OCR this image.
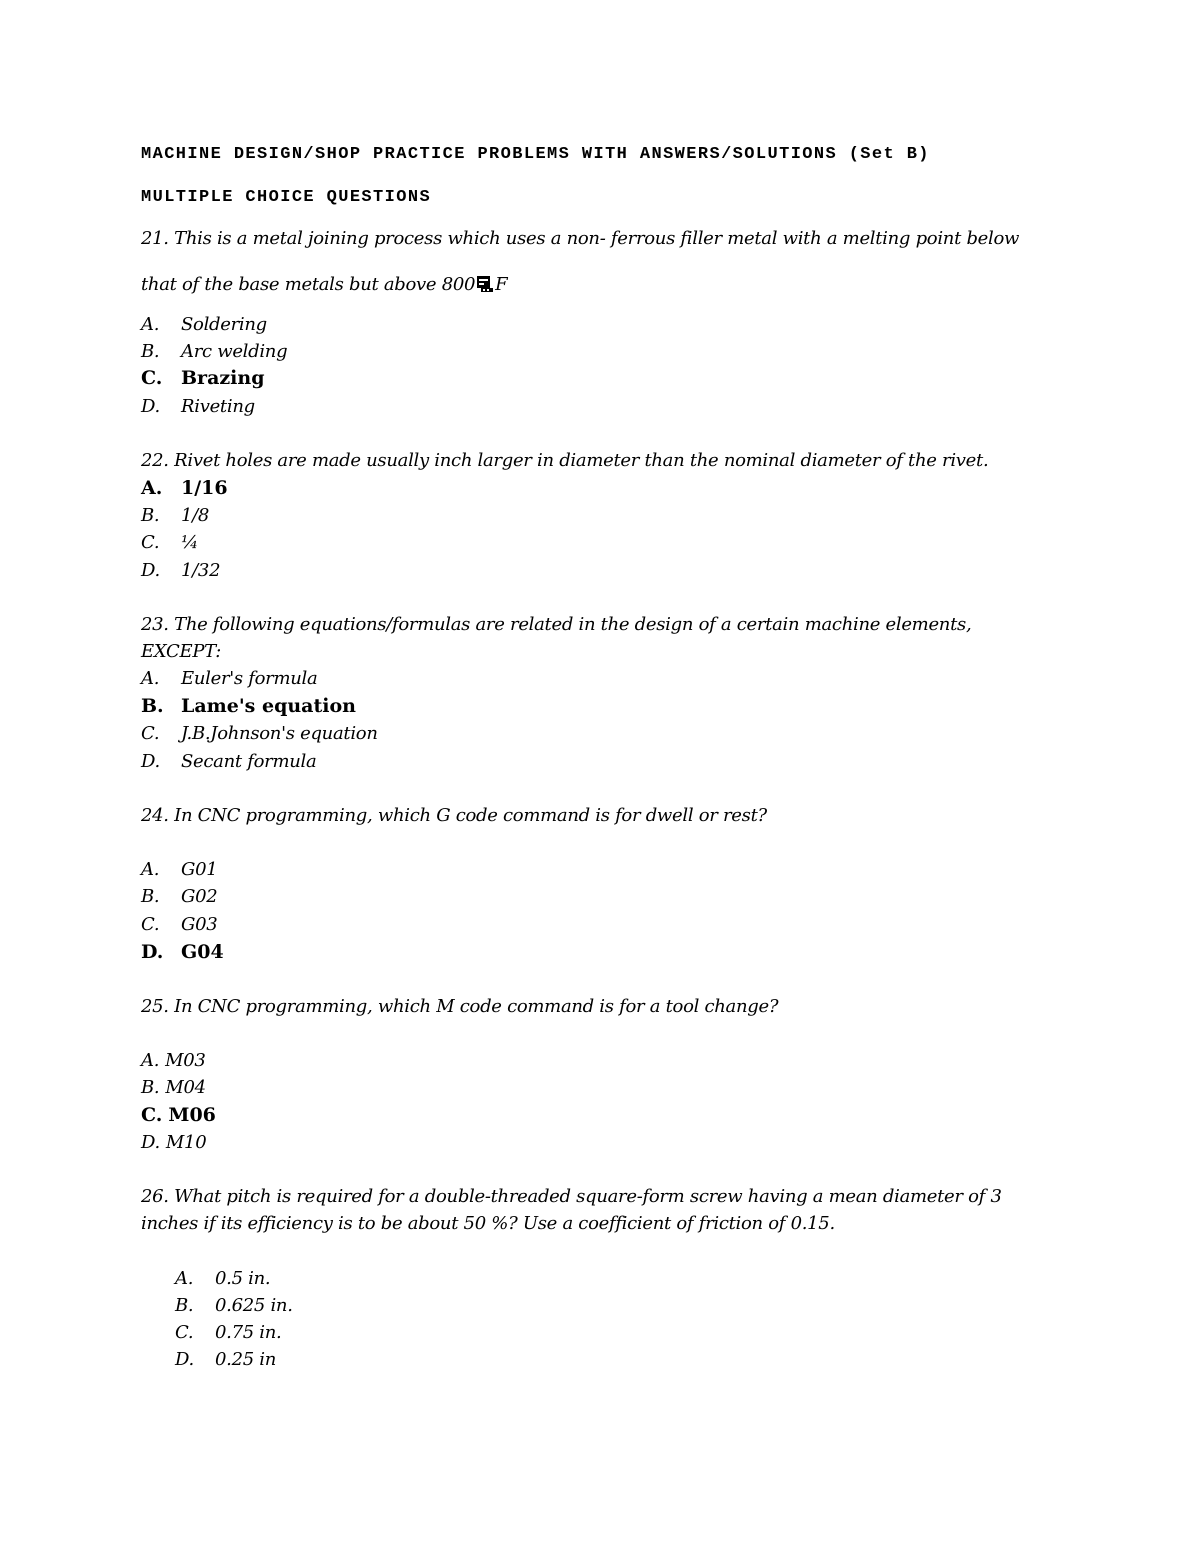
MACHINE DESIGN/SHOP PRACTICE PROBLEMS WITH ANSWERS/SOLUTIONS (Set B)
MULTIPLE CHOICE QUESTIONS
21. This is a metal joining process which uses a non- ferrous filler metal with a melting point below
that of the base metals but above 800 F
A. Soldering
B. Arc welding
C. Brazing
D. Riveting
22. Rivet holes are made usually inch larger in diameter than the nominal diameter of the rivet.
A. 1/16
B. 1/8
C. ¼
D. 1/32
23. The following equations/formulas are related in the design of a certain machine elements,
EXCEPT:
A. Euler's formula
B. Lame's equation
C. J.B.Johnson's equation
D. Secant formula
24. In CNC programming, which G code command is for dwell or rest?
A. G01
B. G02
C. G03
D. G04
25. In CNC programming, which M code command is for a tool change?
A. M03
B. M04
C. M06
D. M10
26. What pitch is required for a double-threaded square-form screw having a mean diameter of 3
inches if its efficiency is to be about 50 %? Use a coefficient of friction of 0.15.
A. 0.5 in.
B. 0.625 in.
C. 0.75 in.
D. 0.25 in
